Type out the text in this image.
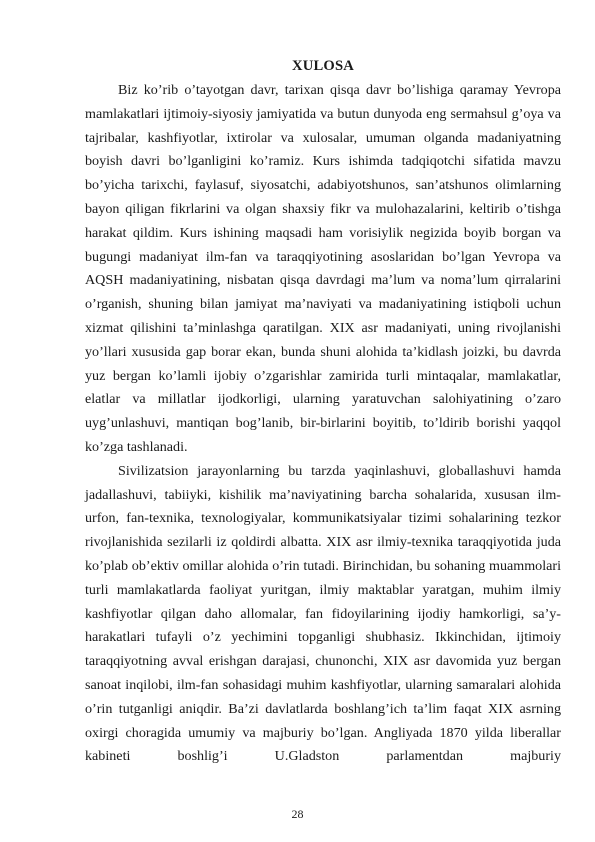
XULOSA

Biz ko’rib o’tayotgan davr, tarixan qisqa davr bo’lishiga qaramay Yevropa mamlakatlari ijtimoiy-siyosiy jamiyatida va butun dunyoda eng sermahsul g’oya va tajribalar, kashfiyotlar, ixtirolar va xulosalar, umuman olganda madaniyatning boyish davri bo’lganligini ko’ramiz. Kurs ishimda tadqiqotchi sifatida mavzu bo’yicha tarixchi, faylasuf, siyosatchi, adabiyotshunos, san’atshunos olimlarning bayon qiligan fikrlarini va olgan shaxsiy fikr va mulohazalarini, keltirib o’tishga harakat qildim. Kurs ishining maqsadi ham vorisiylik negizida boyib borgan va bugungi madaniyat ilm-fan va taraqqiyotining asoslaridan bo’lgan Yevropa va AQSH madaniyatining, nisbatan qisqa davrdagi ma’lum va noma’lum qirralarini o’rganish, shuning bilan jamiyat ma’naviyati va madaniyatining istiqboli uchun xizmat qilishini ta’minlashga qaratilgan. XIX asr madaniyati, uning rivojlanishi yo’llari xususida gap borar ekan, bunda shuni alohida ta’kidlash joizki, bu davrda yuz bergan ko’lamli ijobiy o’zgarishlar zamirida turli mintaqalar, mamlakatlar, elatlar va millatlar ijodkorligi, ularning yaratuvchan salohiyatining o’zaro uyg’unlashuvi, mantiqan bog’lanib, bir-birlarini boyitib, to’ldirib borishi yaqqol ko’zga tashlanadi.

Sivilizatsion jarayonlarning bu tarzda yaqinlashuvi, globallashuvi hamda jadallashuvi, tabiiyki, kishilik ma’naviyatining barcha sohalarida, xususan ilm-urfon, fan-texnika, texnologiyalar, kommunikatsiyalar tizimi sohalarining tezkor rivojlanishida sezilarli iz qoldirdi albatta. XIX asr ilmiy-texnika taraqqiyotida juda ko’plab ob’ektiv omillar alohida o’rin tutadi. Birinchidan, bu sohaning muammolari turli mamlakatlarda faoliyat yuritgan, ilmiy maktablar yaratgan, muhim ilmiy kashfiyotlar qilgan daho allomalar, fan fidoyilarining ijodiy hamkorligi, sa’y-harakatlari tufayli o’z yechimini topganligi shubhasiz. Ikkinchidan, ijtimoiy taraqqiyotning avval erishgan darajasi, chunonchi, XIX asr davomida yuz bergan sanoat inqilobi, ilm-fan sohasidagi muhim kashfiyotlar, ularning samaralari alohida o’rin tutganligi aniqdir. Ba’zi davlatlarda boshlang’ich ta’lim faqat XIX asrning oxirgi choragida umumiy va majburiy bo’lgan. Angliyada 1870 yilda liberallar kabineti boshlig’i U.Gladston parlamentdan majburiy

28
